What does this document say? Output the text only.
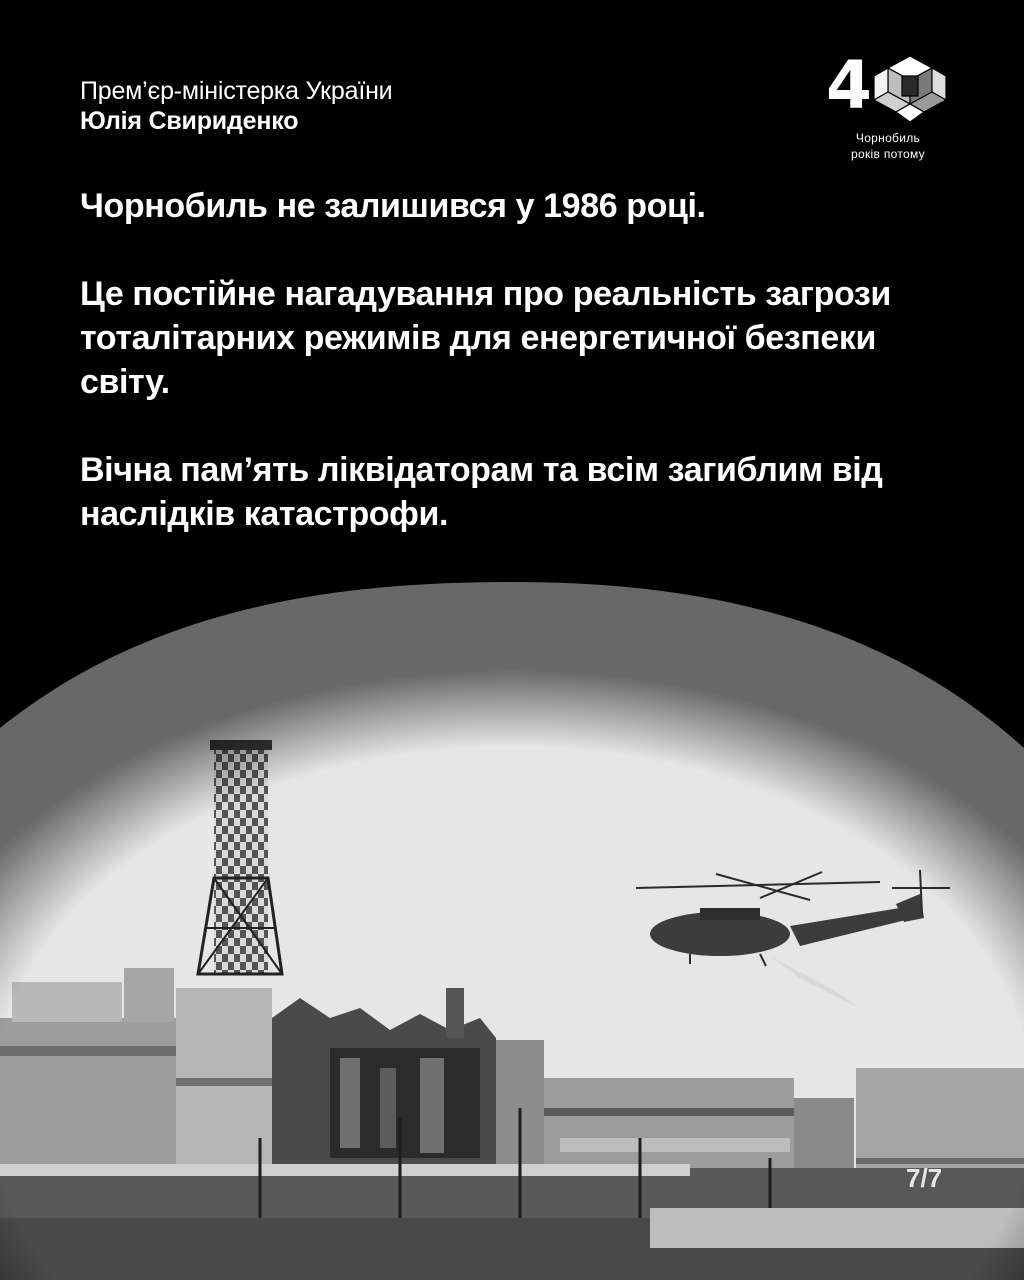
Прем’єр-міністерка України
Юлія Свириденко	4
Чорнобиль
років потому

Чорнобиль не залишився у 1986 році.

Це постійне нагадування про реальність загрози тоталітарних режимів для енергетичної безпеки світу.

Вічна пам’ять ліквідаторам та всім загиблим від наслідків катастрофи.

7/7
